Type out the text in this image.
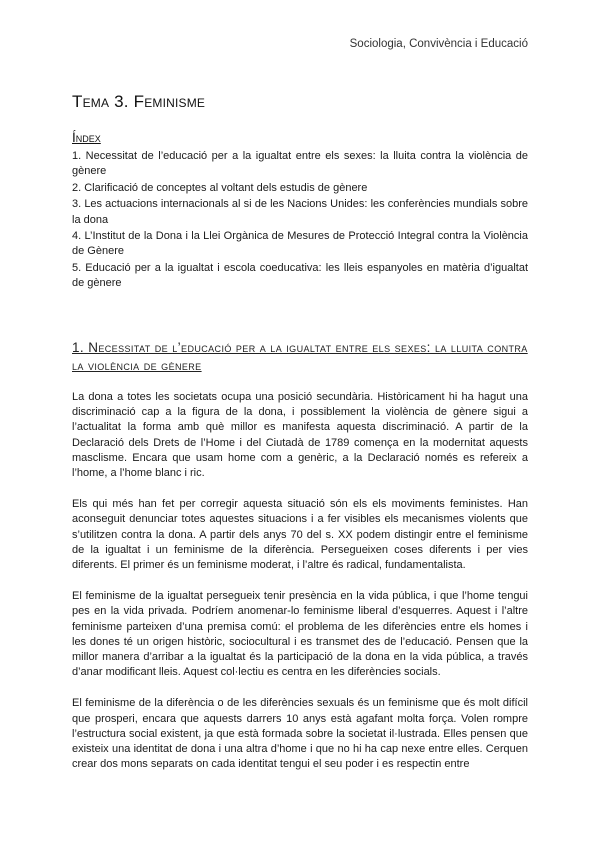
Sociologia, Convivència i Educació
Tema 3. Feminisme
Índex
1. Necessitat de l’educació per a la igualtat entre els sexes: la lluita contra la violència de gènere
2. Clarificació de conceptes al voltant dels estudis de gènere
3. Les actuacions internacionals al si de les Nacions Unides: les conferències mundials sobre la dona
4. L’Institut de la Dona i la Llei Orgànica de Mesures de Protecció Integral contra la Violència de Gènere
5. Educació per a la igualtat i escola coeducativa: les lleis espanyoles en matèria d’igualtat de gènere
1. Necessitat de l’educació per a la igualtat entre els sexes: la lluita contra la violència de gènere

La dona a totes les societats ocupa una posició secundària. Històricament hi ha hagut una discriminació cap a la figura de la dona, i possiblement la violència de gènere sigui a l’actualitat la forma amb què millor es manifesta aquesta discriminació. A partir de la Declaració dels Drets de l’Home i del Ciutadà de 1789 comença en la modernitat aquests masclisme. Encara que usam home com a genèric, a la Declaració només es refereix a l’home, a l’home blanc i ric.

Els qui més han fet per corregir aquesta situació són els els moviments feministes. Han aconseguit denunciar totes aquestes situacions i a fer visibles els mecanismes violents que s’utilitzen contra la dona. A partir dels anys 70 del s. XX podem distingir entre el feminisme de la igualtat i un feminisme de la diferència. Persegueixen coses diferents i per vies diferents. El primer és un feminisme moderat, i l’altre és radical, fundamentalista.

El feminisme de la igualtat persegueix tenir presència en la vida pública, i que l’home tengui pes en la vida privada. Podríem anomenar-lo feminisme liberal d’esquerres. Aquest i l’altre feminisme parteixen d’una premisa comú: el problema de les diferències entre els homes i les dones té un origen històric, sociocultural i es transmet des de l’educació. Pensen que la millor manera d’arribar a la igualtat és la participació de la dona en la vida pública, a través d’anar modificant lleis. Aquest col·lectiu es centra en les diferències socials.

El feminisme de la diferència o de les diferències sexuals és un feminisme que és molt difícil que prosperi, encara que aquests darrers 10 anys està agafant molta força. Volen rompre l’estructura social existent, ja que està formada sobre la societat il·lustrada. Elles pensen que existeix una identitat de dona i una altra d’home i que no hi ha cap nexe entre elles. Cerquen crear dos mons separats on cada identitat tengui el seu poder i es respectin entre
